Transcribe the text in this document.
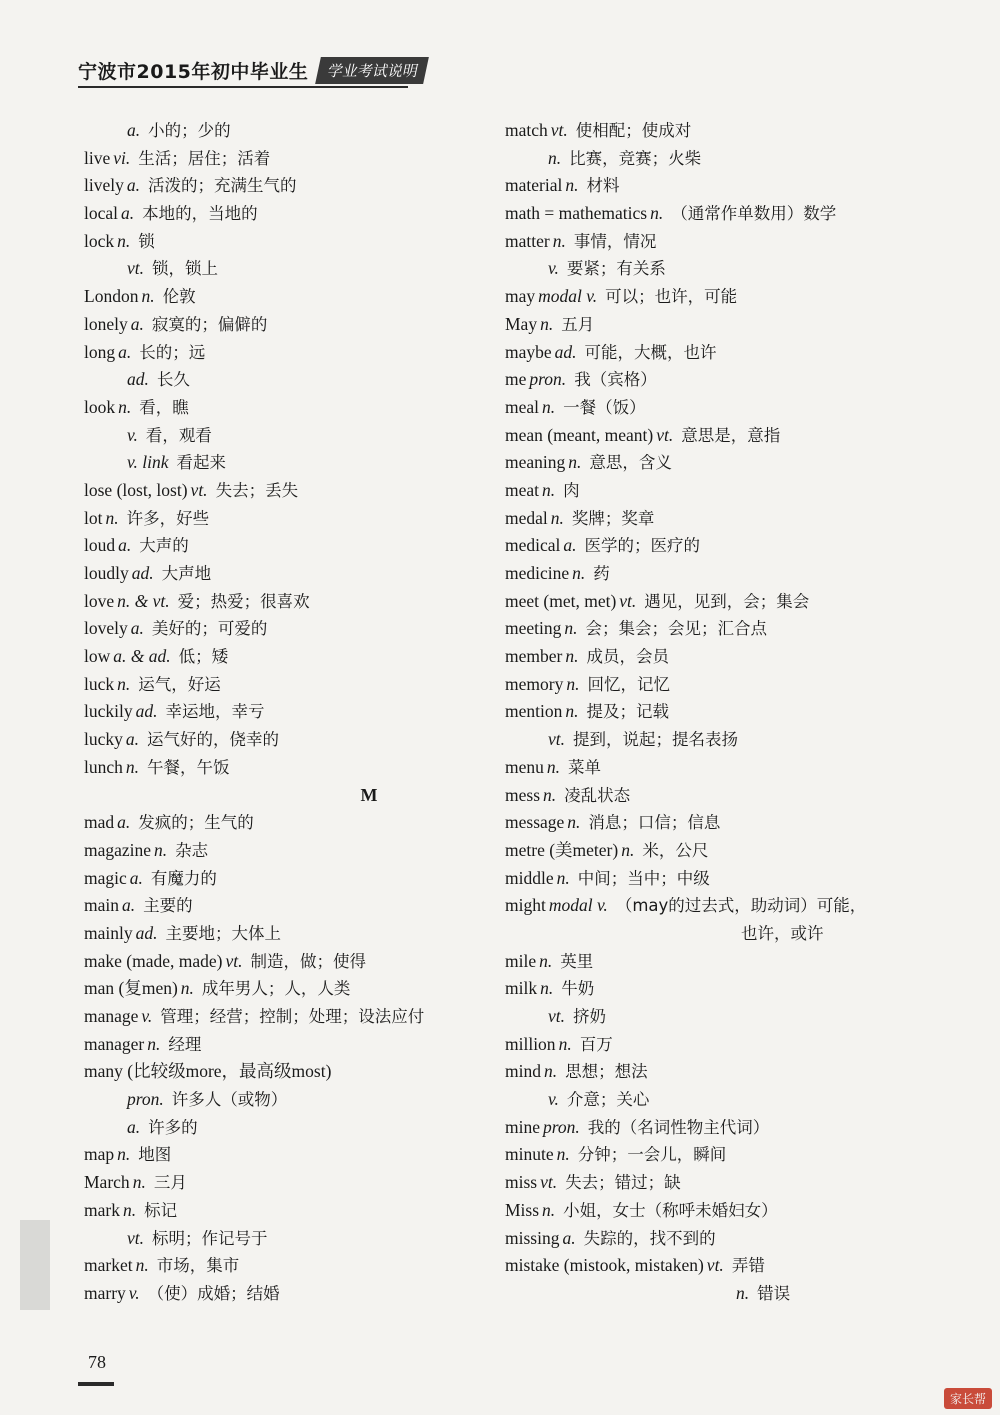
宁波市2015年初中毕业生	学业考试说明
a. 小的；少的
live vi. 生活；居住；活着
lively a. 活泼的；充满生气的
local a. 本地的，当地的
lock n. 锁
vt. 锁，锁上
London n. 伦敦
lonely a. 寂寞的；偏僻的
long a. 长的；远
ad. 长久
look n. 看，瞧
v. 看，观看
v. link 看起来
lose (lost, lost) vt. 失去；丢失
lot n. 许多，好些
loud a. 大声的
loudly ad. 大声地
love n. & vt. 爱；热爱；很喜欢
lovely a. 美好的；可爱的
low a. & ad. 低；矮
luck n. 运气，好运
luckily ad. 幸运地，幸亏
lucky a. 运气好的，侥幸的
lunch n. 午餐，午饭
M
mad a. 发疯的；生气的
magazine n. 杂志
magic a. 有魔力的
main a. 主要的
mainly ad. 主要地；大体上
make (made, made) vt. 制造，做；使得
man (复men) n. 成年男人；人，人类
manage v. 管理；经营；控制；处理；设法应付
manager n. 经理
many (比较级more，最高级most)
pron. 许多人（或物）
a. 许多的
map n. 地图
March n. 三月
mark n. 标记
vt. 标明；作记号于
market n. 市场，集市
marry v. （使）成婚；结婚
match vt. 使相配；使成对
n. 比赛，竞赛；火柴
material n. 材料
math = mathematics n. （通常作单数用）数学
matter n. 事情，情况
v. 要紧；有关系
may modal v. 可以；也许，可能
May n. 五月
maybe ad. 可能，大概，也许
me pron. 我（宾格）
meal n. 一餐（饭）
mean (meant, meant) vt. 意思是，意指
meaning n. 意思，含义
meat n. 肉
medal n. 奖牌；奖章
medical a. 医学的；医疗的
medicine n. 药
meet (met, met) vt. 遇见，见到，会；集会
meeting n. 会；集会；会见；汇合点
member n. 成员，会员
memory n. 回忆，记忆
mention n. 提及；记载
vt. 提到，说起；提名表扬
menu n. 菜单
mess n. 凌乱状态
message n. 消息；口信；信息
metre (美meter) n. 米，公尺
middle n. 中间；当中；中级
might modal v. （may的过去式，助动词）可能，
也许，或许
mile n. 英里
milk n. 牛奶
vt. 挤奶
million n. 百万
mind n. 思想；想法
v. 介意；关心
mine pron. 我的（名词性物主代词）
minute n. 分钟；一会儿，瞬间
miss vt. 失去；错过；缺
Miss n. 小姐，女士（称呼未婚妇女）
missing a. 失踪的，找不到的
mistake (mistook, mistaken) vt. 弄错
n. 错误
78
家长帮
